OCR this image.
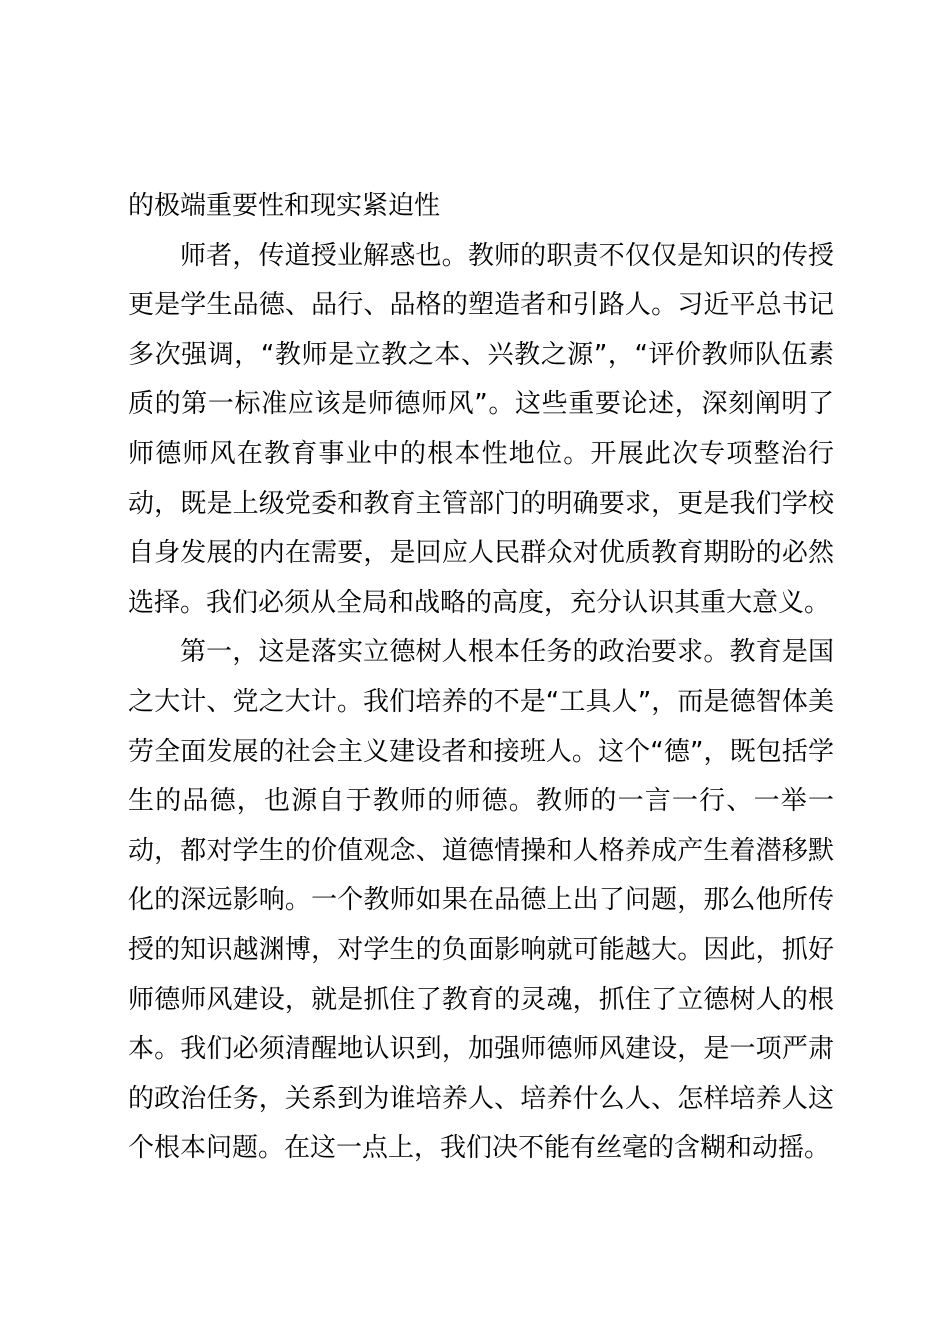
的极端重要性和现实紧迫性

师者，传道授业解惑也。教师的职责不仅仅是知识的传授更是学生品德、品行、品格的塑造者和引路人。习近平总书记多次强调，“教师是立教之本、兴教之源”，“评价教师队伍素质的第一标准应该是师德师风”。这些重要论述，深刻阐明了师德师风在教育事业中的根本性地位。开展此次专项整治行动，既是上级党委和教育主管部门的明确要求，更是我们学校自身发展的内在需要，是回应人民群众对优质教育期盼的必然选择。我们必须从全局和战略的高度，充分认识其重大意义。

第一，这是落实立德树人根本任务的政治要求。教育是国之大计、党之大计。我们培养的不是“工具人”，而是德智体美劳全面发展的社会主义建设者和接班人。这个“德”，既包括学生的品德，也源自于教师的师德。教师的一言一行、一举一动，都对学生的价值观念、道德情操和人格养成产生着潜移默化的深远影响。一个教师如果在品德上出了问题，那么他所传授的知识越渊博，对学生的负面影响就可能越大。因此，抓好师德师风建设，就是抓住了教育的灵魂，抓住了立德树人的根本。我们必须清醒地认识到，加强师德师风建设，是一项严肃的政治任务，关系到为谁培养人、培养什么人、怎样培养人这个根本问题。在这一点上，我们决不能有丝毫的含糊和动摇。
